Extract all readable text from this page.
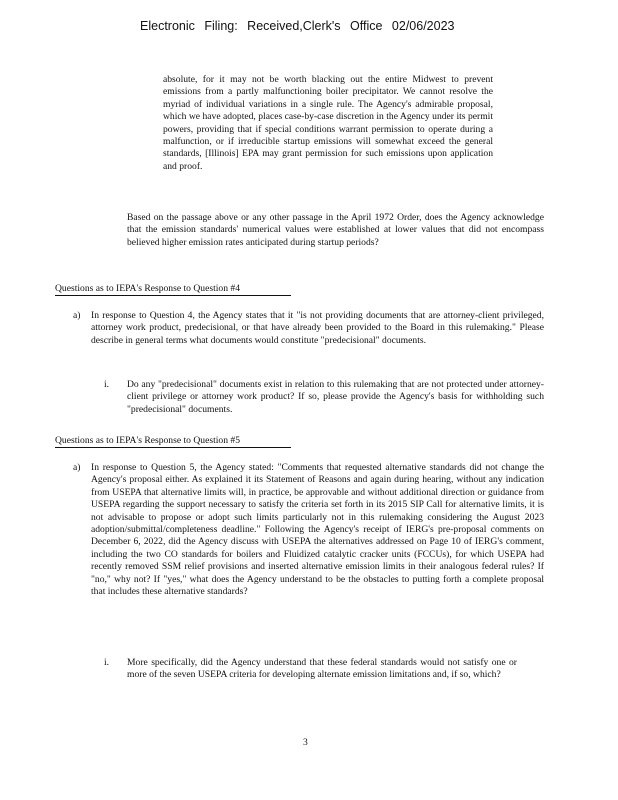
Electronic Filing: Received,Clerk's Office 02/06/2023
absolute, for it may not be worth blacking out the entire Midwest to prevent emissions from a partly malfunctioning boiler precipitator. We cannot resolve the myriad of individual variations in a single rule. The Agency's admirable proposal, which we have adopted, places case-by-case discretion in the Agency under its permit powers, providing that if special conditions warrant permission to operate during a malfunction, or if irreducible startup emissions will somewhat exceed the general standards, [Illinois] EPA may grant permission for such emissions upon application and proof.
Based on the passage above or any other passage in the April 1972 Order, does the Agency acknowledge that the emission standards' numerical values were established at lower values that did not encompass believed higher emission rates anticipated during startup periods?
Questions as to IEPA's Response to Question #4
a) In response to Question 4, the Agency states that it "is not providing documents that are attorney-client privileged, attorney work product, predecisional, or that have already been provided to the Board in this rulemaking." Please describe in general terms what documents would constitute "predecisional" documents.
i. Do any "predecisional" documents exist in relation to this rulemaking that are not protected under attorney-client privilege or attorney work product? If so, please provide the Agency's basis for withholding such "predecisional" documents.
Questions as to IEPA's Response to Question #5
a) In response to Question 5, the Agency stated: "Comments that requested alternative standards did not change the Agency's proposal either. As explained it its Statement of Reasons and again during hearing, without any indication from USEPA that alternative limits will, in practice, be approvable and without additional direction or guidance from USEPA regarding the support necessary to satisfy the criteria set forth in its 2015 SIP Call for alternative limits, it is not advisable to propose or adopt such limits particularly not in this rulemaking considering the August 2023 adoption/submittal/completeness deadline." Following the Agency's receipt of IERG's pre-proposal comments on December 6, 2022, did the Agency discuss with USEPA the alternatives addressed on Page 10 of IERG's comment, including the two CO standards for boilers and Fluidized catalytic cracker units (FCCUs), for which USEPA had recently removed SSM relief provisions and inserted alternative emission limits in their analogous federal rules? If "no," why not? If "yes," what does the Agency understand to be the obstacles to putting forth a complete proposal that includes these alternative standards?
i. More specifically, did the Agency understand that these federal standards would not satisfy one or more of the seven USEPA criteria for developing alternate emission limitations and, if so, which?
3
